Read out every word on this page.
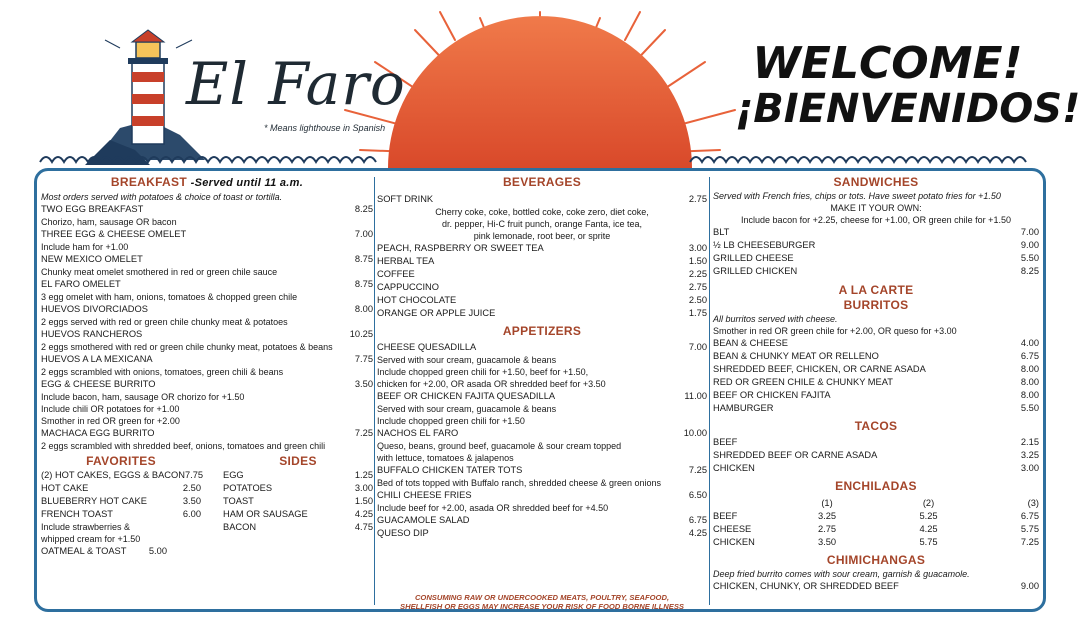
El Faro
* Means lighthouse in Spanish
WELCOME!
¡BIENVENIDOS!
BREAKFAST -Served until 11 a.m.
Most orders served with potatoes & choice of toast or tortilla.
TWO EGG BREAKFAST	8.25
Chorizo, ham, sausage OR bacon
THREE EGG & CHEESE OMELET	7.00
Include ham for +1.00
NEW MEXICO OMELET	8.75
Chunky meat omelet smothered in red or green chile sauce
EL FARO OMELET	8.75
3 egg omelet with ham, onions, tomatoes & chopped green chile
HUEVOS DIVORCIADOS	8.00
2 eggs served with red or green chile chunky meat & potatoes
HUEVOS RANCHEROS	10.25
2 eggs smothered with red or green chile chunky meat, potatoes & beans
HUEVOS A LA MEXICANA	7.75
2 eggs scrambled with onions, tomatoes, green chili & beans
EGG & CHEESE BURRITO	3.50
Include bacon, ham, sausage OR chorizo for +1.50
Include chili OR potatoes for +1.00
Smother in red OR green for +2.00
MACHACA EGG BURRITO	7.25
2 eggs scrambled with shredded beef, onions, tomatoes and green chili
FAVORITES
(2) HOT CAKES, EGGS & BACON 7.75
HOT CAKE	2.50
BLUEBERRY HOT CAKE	3.50
FRENCH TOAST	6.00
Include strawberries &
whipped cream for +1.50
OATMEAL & TOAST 5.00
SIDES
EGG	1.25
POTATOES	3.00
TOAST	1.50
HAM OR SAUSAGE	4.25
BACON	4.75
BEVERAGES
SOFT DRINK	2.75
Cherry coke, coke, bottled coke, coke zero, diet coke,
dr. pepper, Hi-C fruit punch, orange Fanta, ice tea,
pink lemonade, root beer, or sprite
PEACH, RASPBERRY OR SWEET TEA	3.00
HERBAL TEA	1.50
COFFEE	2.25
CAPPUCCINO	2.75
HOT CHOCOLATE	2.50
ORANGE OR APPLE JUICE	1.75
APPETIZERS
CHEESE QUESADILLA	7.00
Served with sour cream, guacamole & beans
Include chopped green chili for +1.50, beef for +1.50,
chicken for +2.00, OR asada OR shredded beef for +3.50
BEEF OR CHICKEN FAJITA QUESADILLA	11.00
Served with sour cream, guacamole & beans
Include chopped green chili for +1.50
NACHOS EL FARO	10.00
Queso, beans, ground beef, guacamole & sour cream topped
with lettuce, tomatoes & jalapenos
BUFFALO CHICKEN TATER TOTS	7.25
Bed of tots topped with Buffalo ranch, shredded cheese & green onions
CHILI CHEESE FRIES	6.50
Include beef for +2.00, asada OR shredded beef for +4.50
GUACAMOLE SALAD	6.75
QUESO DIP	4.25
CONSUMING RAW OR UNDERCOOKED MEATS, POULTRY, SEAFOOD,
SHELLFISH OR EGGS MAY INCREASE YOUR RISK OF FOOD BORNE ILLNESS
SANDWICHES
Served with French fries, chips or tots. Have sweet potato fries for +1.50
MAKE IT YOUR OWN:
Include bacon for +2.25, cheese for +1.00, OR green chile for +1.50
BLT	7.00
½ LB CHEESEBURGER	9.00
GRILLED CHEESE	5.50
GRILLED CHICKEN	8.25
A LA CARTE
BURRITOS
All burritos served with cheese.
Smother in red OR green chile for +2.00, OR queso for +3.00
BEAN & CHEESE	4.00
BEAN & CHUNKY MEAT OR RELLENO	6.75
SHREDDED BEEF, CHICKEN, OR CARNE ASADA	8.00
RED OR GREEN CHILE & CHUNKY MEAT	8.00
BEEF OR CHICKEN FAJITA	8.00
HAMBURGER	5.50
TACOS
BEEF	2.15
SHREDDED BEEF OR CARNE ASADA	3.25
CHICKEN	3.00
ENCHILADAS
(1)	(2)	(3)
BEEF	3.25	5.25	6.75
CHEESE	2.75	4.25	5.75
CHICKEN	3.50	5.75	7.25
CHIMICHANGAS
Deep fried burrito comes with sour cream, garnish & guacamole.
CHICKEN, CHUNKY, OR SHREDDED BEEF	9.00
